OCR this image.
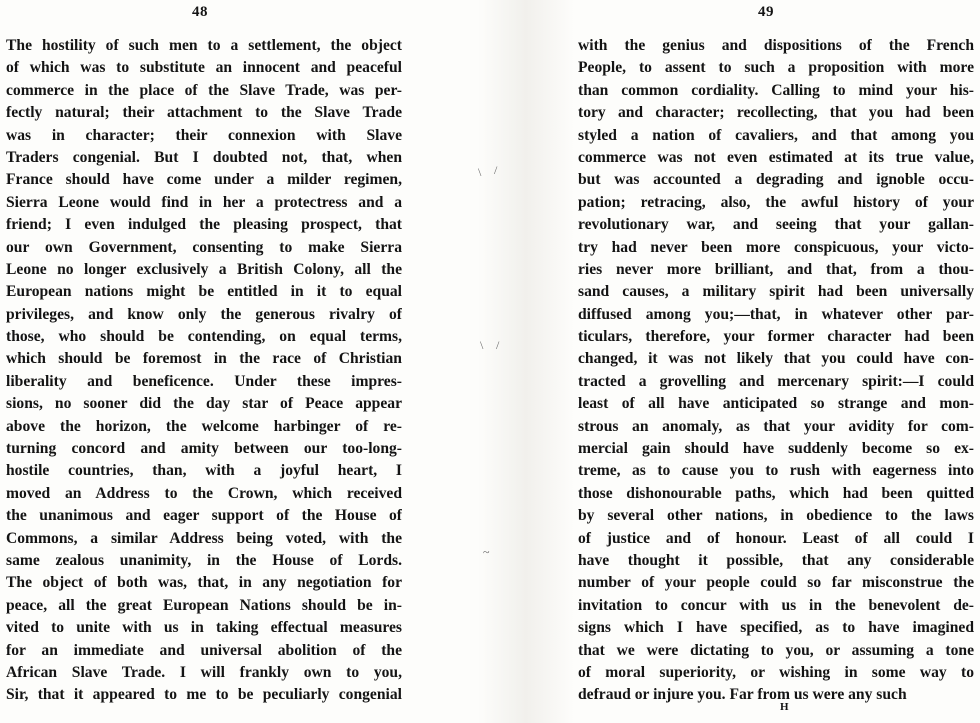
48	49
The hostility of such men to a settlement, the object
of which was to substitute an innocent and peaceful
commerce in the place of the Slave Trade, was per-
fectly natural; their attachment to the Slave Trade
was in character; their connexion with Slave
Traders congenial. But I doubted not, that, when
France should have come under a milder regimen,
Sierra Leone would find in her a protectress and a
friend; I even indulged the pleasing prospect, that
our own Government, consenting to make Sierra
Leone no longer exclusively a British Colony, all the
European nations might be entitled in it to equal
privileges, and know only the generous rivalry of
those, who should be contending, on equal terms,
which should be foremost in the race of Christian
liberality and beneficence. Under these impres-
sions, no sooner did the day star of Peace appear
above the horizon, the welcome harbinger of re-
turning concord and amity between our too-long-
hostile countries, than, with a joyful heart, I
moved an Address to the Crown, which received
the unanimous and eager support of the House of
Commons, a similar Address being voted, with the
same zealous unanimity, in the House of Lords.
The object of both was, that, in any negotiation for
peace, all the great European Nations should be in-
vited to unite with us in taking effectual measures
for an immediate and universal abolition of the
African Slave Trade. I will frankly own to you,
Sir, that it appeared to me to be peculiarly congenial
with the genius and dispositions of the French
People, to assent to such a proposition with more
than common cordiality. Calling to mind your his-
tory and character; recollecting, that you had been
styled a nation of cavaliers, and that among you
commerce was not even estimated at its true value,
but was accounted a degrading and ignoble occu-
pation; retracing, also, the awful history of your
revolutionary war, and seeing that your gallan-
try had never been more conspicuous, your victo-
ries never more brilliant, and that, from a thou-
sand causes, a military spirit had been universally
diffused among you;—that, in whatever other par-
ticulars, therefore, your former character had been
changed, it was not likely that you could have con-
tracted a grovelling and mercenary spirit:—I could
least of all have anticipated so strange and mon-
strous an anomaly, as that your avidity for com-
mercial gain should have suddenly become so ex-
treme, as to cause you to rush with eagerness into
those dishonourable paths, which had been quitted
by several other nations, in obedience to the laws
of justice and of honour. Least of all could I
have thought it possible, that any considerable
number of your people could so far misconstrue the
invitation to concur with us in the benevolent de-
signs which I have specified, as to have imagined
that we were dictating to you, or assuming a tone
of moral superiority, or wishing in some way to
defraud or injure you. Far from us were any such
H
\ /
\ /
~
